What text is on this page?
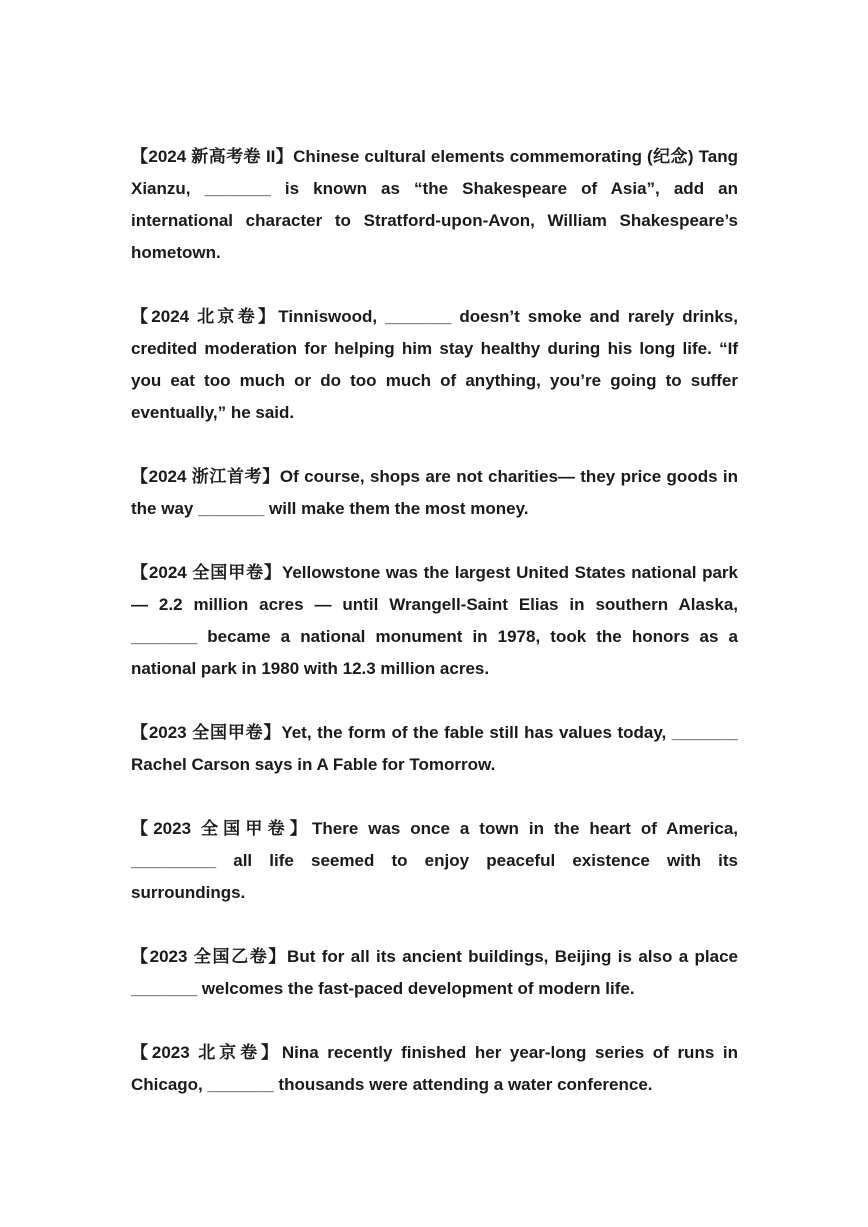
【2024 新高考卷 II】Chinese cultural elements commemorating (纪念) Tang Xianzu, _______ is known as “the Shakespeare of Asia”, add an international character to Stratford-upon-Avon, William Shakespeare’s hometown.

【2024 北京卷】Tinniswood, _______ doesn’t smoke and rarely drinks, credited moderation for helping him stay healthy during his long life. “If you eat too much or do too much of anything, you’re going to suffer eventually,” he said.

【2024 浙江首考】Of course, shops are not charities— they price goods in the way _______ will make them the most money.

【2024 全国甲卷】Yellowstone was the largest United States national park — 2.2 million acres — until Wrangell-Saint Elias in southern Alaska, _______ became a national monument in 1978, took the honors as a national park in 1980 with 12.3 million acres.

【2023 全国甲卷】Yet, the form of the fable still has values today, _______ Rachel Carson says in A Fable for Tomorrow.

【2023 全国甲卷】There was once a town in the heart of America, _________ all life seemed to enjoy peaceful existence with its surroundings.

【2023 全国乙卷】But for all its ancient buildings, Beijing is also a place _______ welcomes the fast-paced development of modern life.

【2023 北京卷】Nina recently finished her year-long series of runs in Chicago, _______ thousands were attending a water conference.
